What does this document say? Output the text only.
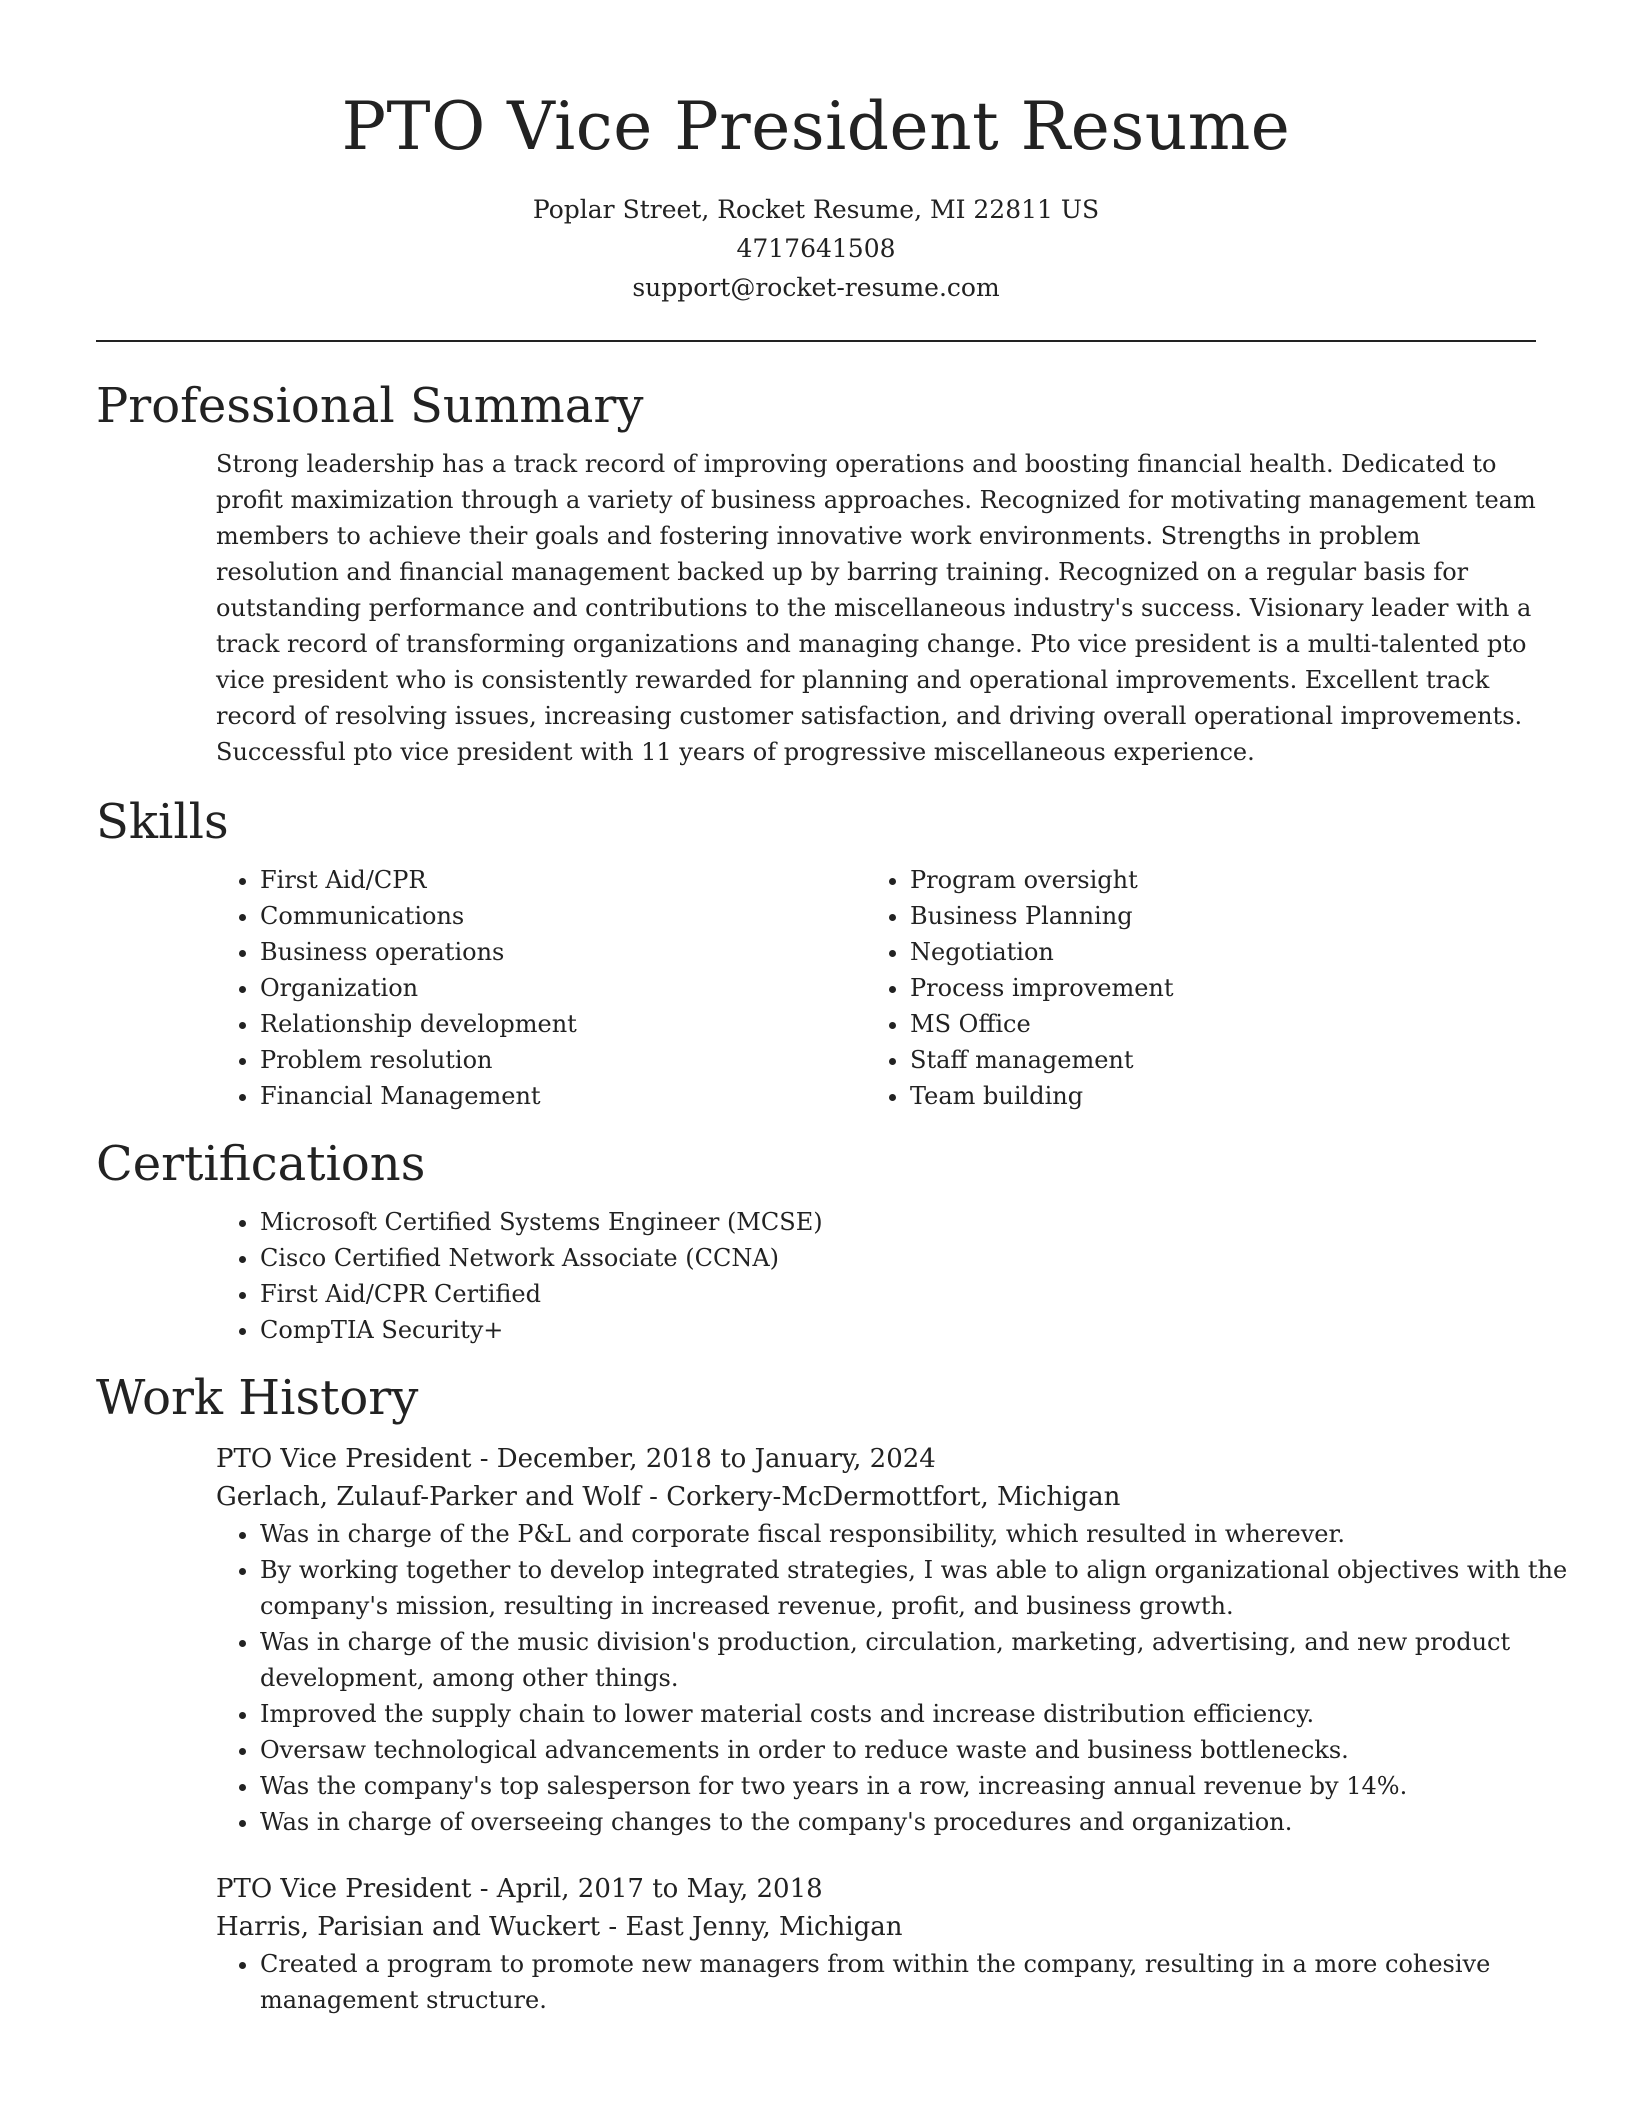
PTO Vice President Resume
Poplar Street, Rocket Resume, MI 22811 US
4717641508
support@rocket-resume.com
Professional Summary

Strong leadership has a track record of improving operations and boosting financial health. Dedicated to profit maximization through a variety of business approaches. Recognized for motivating management team members to achieve their goals and fostering innovative work environments. Strengths in problem resolution and financial management backed up by barring training. Recognized on a regular basis for outstanding performance and contributions to the miscellaneous industry's success. Visionary leader with a track record of transforming organizations and managing change. Pto vice president is a multi-talented pto vice president who is consistently rewarded for planning and operational improvements. Excellent track record of resolving issues, increasing customer satisfaction, and driving overall operational improvements. Successful pto vice president with 11 years of progressive miscellaneous experience.

Skills
• First Aid/CPR
• Communications
• Business operations
• Organization
• Relationship development
• Problem resolution
• Financial Management
• Program oversight
• Business Planning
• Negotiation
• Process improvement
• MS Office
• Staff management
• Team building
Certifications
• Microsoft Certified Systems Engineer (MCSE)
• Cisco Certified Network Associate (CCNA)
• First Aid/CPR Certified
• CompTIA Security+
Work History
PTO Vice President - December, 2018 to January, 2024
Gerlach, Zulauf-Parker and Wolf - Corkery-McDermottfort, Michigan
• Was in charge of the P&L and corporate fiscal responsibility, which resulted in wherever.
• By working together to develop integrated strategies, I was able to align organizational objectives with the company's mission, resulting in increased revenue, profit, and business growth.
• Was in charge of the music division's production, circulation, marketing, advertising, and new product development, among other things.
• Improved the supply chain to lower material costs and increase distribution efficiency.
• Oversaw technological advancements in order to reduce waste and business bottlenecks.
• Was the company's top salesperson for two years in a row, increasing annual revenue by 14%.
• Was in charge of overseeing changes to the company's procedures and organization.
PTO Vice President - April, 2017 to May, 2018
Harris, Parisian and Wuckert - East Jenny, Michigan
• Created a program to promote new managers from within the company, resulting in a more cohesive management structure.
